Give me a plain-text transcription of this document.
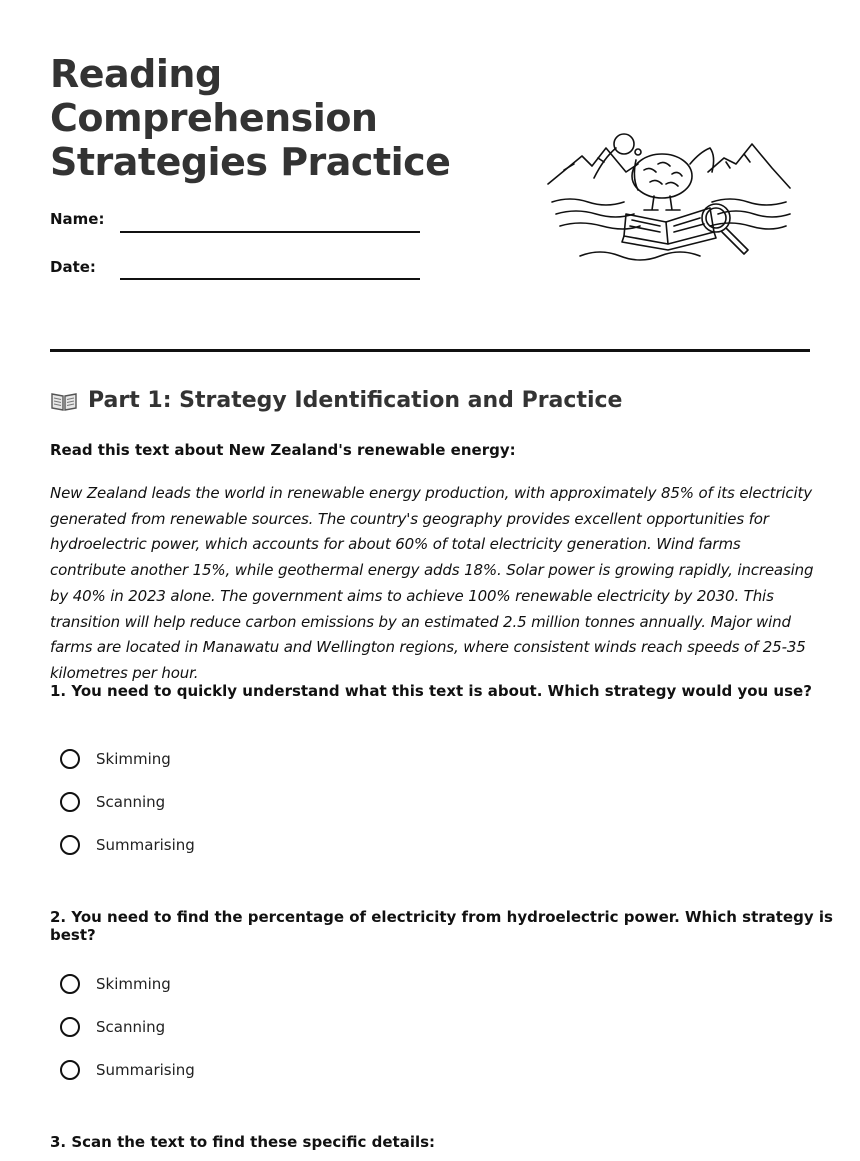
Reading
Comprehension
Strategies Practice
Name:
Date:
Part 1: Strategy Identification and Practice
Read this text about New Zealand's renewable energy:

New Zealand leads the world in renewable energy production, with approximately 85% of its electricity generated from renewable sources. The country's geography provides excellent opportunities for hydroelectric power, which accounts for about 60% of total electricity generation. Wind farms contribute another 15%, while geothermal energy adds 18%. Solar power is growing rapidly, increasing by 40% in 2023 alone. The government aims to achieve 100% renewable electricity by 2030. This transition will help reduce carbon emissions by an estimated 2.5 million tonnes annually. Major wind farms are located in Manawatu and Wellington regions, where consistent winds reach speeds of 25-35 kilometres per hour.

1. You need to quickly understand what this text is about. Which strategy would you use?
Skimming
Scanning
Summarising
2. You need to find the percentage of electricity from hydroelectric power. Which strategy is best?
Skimming
Scanning
Summarising
3. Scan the text to find these specific details:
